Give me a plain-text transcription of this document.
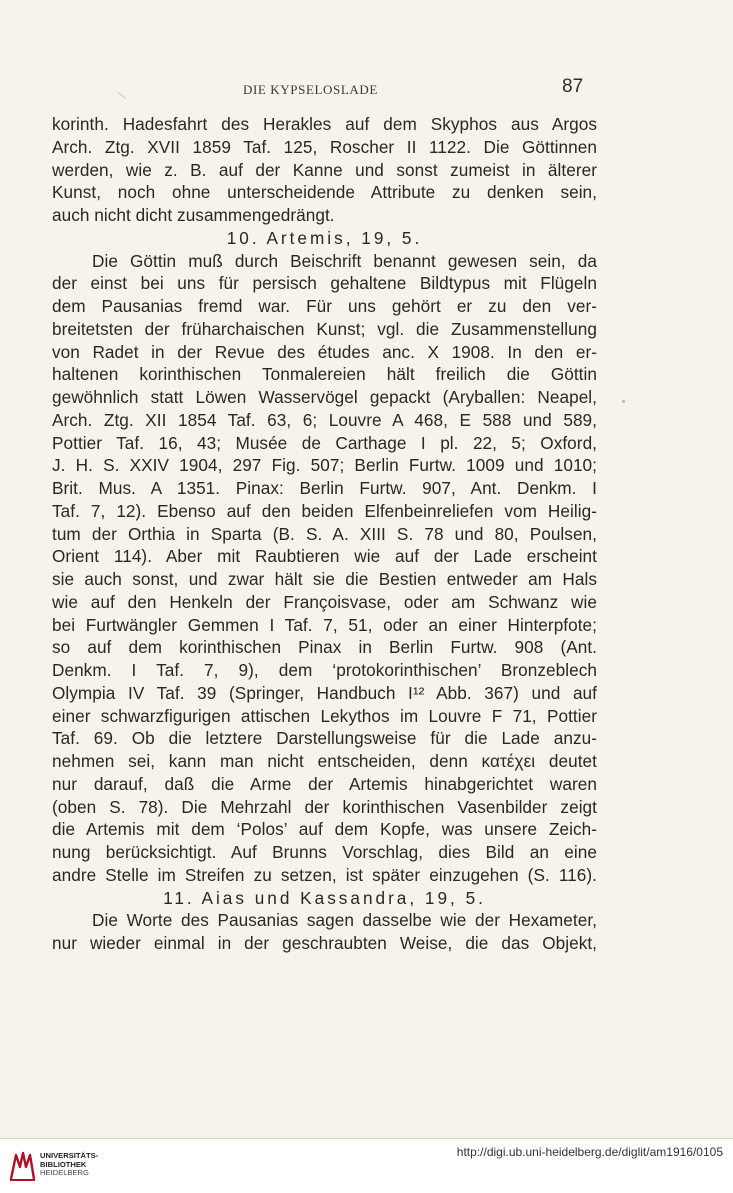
DIE KYPSELOSLADE	87
korinth. Hadesfahrt des Herakles auf dem Skyphos aus Argos
Arch. Ztg. XVII 1859 Taf. 125, Roscher II 1122. Die Göttinnen
werden, wie z. B. auf der Kanne und sonst zumeist in älterer
Kunst, noch ohne unterscheidende Attribute zu denken sein,
auch nicht dicht zusammengedrängt.
10. Artemis, 19, 5.
Die Göttin muß durch Beischrift benannt gewesen sein, da
der einst bei uns für persisch gehaltene Bildtypus mit Flügeln
dem Pausanias fremd war. Für uns gehört er zu den ver-
breitetsten der früharchaischen Kunst; vgl. die Zusammenstellung
von Radet in der Revue des études anc. X 1908. In den er-
haltenen korinthischen Tonmalereien hält freilich die Göttin
gewöhnlich statt Löwen Wasservögel gepackt (Aryballen: Neapel,
Arch. Ztg. XII 1854 Taf. 63, 6; Louvre A 468, E 588 und 589,
Pottier Taf. 16, 43; Musée de Carthage I pl. 22, 5; Oxford,
J. H. S. XXIV 1904, 297 Fig. 507; Berlin Furtw. 1009 und 1010;
Brit. Mus. A 1351. Pinax: Berlin Furtw. 907, Ant. Denkm. I
Taf. 7, 12). Ebenso auf den beiden Elfenbeinreliefen vom Heilig-
tum der Orthia in Sparta (B. S. A. XIII S. 78 und 80, Poulsen,
Orient 114). Aber mit Raubtieren wie auf der Lade erscheint
sie auch sonst, und zwar hält sie die Bestien entweder am Hals
wie auf den Henkeln der Françoisvase, oder am Schwanz wie
bei Furtwängler Gemmen I Taf. 7, 51, oder an einer Hinterpfote;
so auf dem korinthischen Pinax in Berlin Furtw. 908 (Ant.
Denkm. I Taf. 7, 9), dem ‘protokorinthischen’ Bronzeblech
Olympia IV Taf. 39 (Springer, Handbuch I¹² Abb. 367) und auf
einer schwarzfigurigen attischen Lekythos im Louvre F 71, Pottier
Taf. 69. Ob die letztere Darstellungsweise für die Lade anzu-
nehmen sei, kann man nicht entscheiden, denn κατέχει deutet
nur darauf, daß die Arme der Artemis hinabgerichtet waren
(oben S. 78). Die Mehrzahl der korinthischen Vasenbilder zeigt
die Artemis mit dem ‘Polos’ auf dem Kopfe, was unsere Zeich-
nung berücksichtigt. Auf Brunns Vorschlag, dies Bild an eine
andre Stelle im Streifen zu setzen, ist später einzugehen (S. 116).
11. Aias und Kassandra, 19, 5.
Die Worte des Pausanias sagen dasselbe wie der Hexameter,
nur wieder einmal in der geschraubten Weise, die das Objekt,
UNIVERSITÄTS-
BIBLIOTHEK
HEIDELBERG
http://digi.ub.uni-heidelberg.de/diglit/am1916/0105
